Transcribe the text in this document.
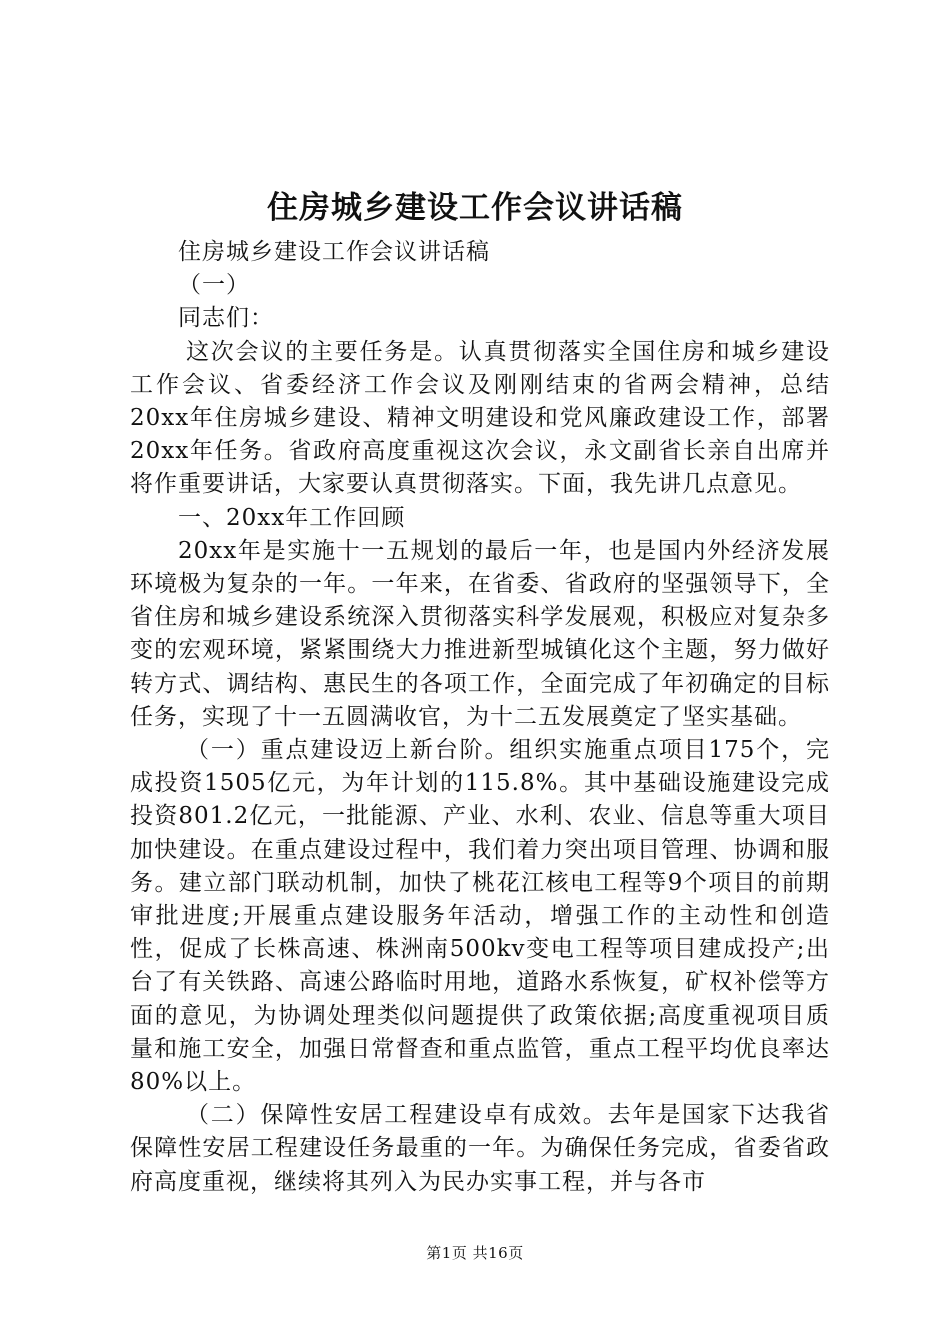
住房城乡建设工作会议讲话稿

住房城乡建设工作会议讲话稿

（一）

同志们：

这次会议的主要任务是。认真贯彻落实全国住房和城乡建设工作会议、省委经济工作会议及刚刚结束的省两会精神，总结20xx年住房城乡建设、精神文明建设和党风廉政建设工作，部署20xx年任务。省政府高度重视这次会议，永文副省长亲自出席并将作重要讲话，大家要认真贯彻落实。下面，我先讲几点意见。

一、20xx年工作回顾

20xx年是实施十一五规划的最后一年，也是国内外经济发展环境极为复杂的一年。一年来，在省委、省政府的坚强领导下，全省住房和城乡建设系统深入贯彻落实科学发展观，积极应对复杂多变的宏观环境，紧紧围绕大力推进新型城镇化这个主题，努力做好转方式、调结构、惠民生的各项工作，全面完成了年初确定的目标任务，实现了十一五圆满收官，为十二五发展奠定了坚实基础。

（一）重点建设迈上新台阶。组织实施重点项目175个，完成投资1505亿元，为年计划的115.8%。其中基础设施建设完成投资801.2亿元，一批能源、产业、水利、农业、信息等重大项目加快建设。在重点建设过程中，我们着力突出项目管理、协调和服务。建立部门联动机制，加快了桃花江核电工程等9个项目的前期审批进度;开展重点建设服务年活动，增强工作的主动性和创造性，促成了长株高速、株洲南500kv变电工程等项目建成投产;出台了有关铁路、高速公路临时用地，道路水系恢复，矿权补偿等方面的意见，为协调处理类似问题提供了政策依据;高度重视项目质量和施工安全，加强日常督查和重点监管，重点工程平均优良率达80%以上。

（二）保障性安居工程建设卓有成效。去年是国家下达我省保障性安居工程建设任务最重的一年。为确保任务完成，省委省政府高度重视，继续将其列入为民办实事工程，并与各市

第1页 共16页
